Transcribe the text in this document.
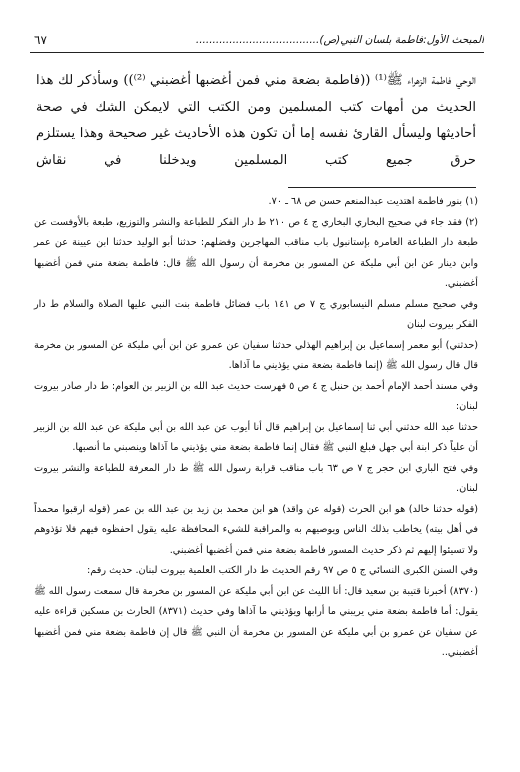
٦٧	المبحث الأول:فاطمة بلسان النبي(ص).....................................

الوحي فاطمة الزهراء ﷺ⁽¹⁾ ((فاطمة بضعة مني فمن أغضبها أغضبني ⁽²⁾)) وسأذكر لك هذا الحديث من أمهات كتب المسلمين ومن الكتب التي لايمكن الشك في صحة أحاديثها وليسأل القارئ نفسه إما أن تكون هذه الأحاديث غير صحيحة وهذا يستلزم حرق جميع كتب المسلمين ويدخلنا في نقاش

(١) بنور فاطمة اهتديت عبدالمنعم حسن ص ٦٨ ـ ٧٠.

(٢) فقد جاء في صحيح البخاري البخاري ج ٤ ص ٢١٠ ط دار الفكر للطباعة والنشر والتوزيع، طبعة بالأوفست عن طبعة دار الطباعة العامرة بإستانبول باب مناقب المهاجرين وفضلهم: حدثنا أبو الوليد حدثنا ابن عيينة عن عمر وابن دينار عن ابن أبي مليكة عن المسور بن مخرمة أن رسول الله ﷺ قال: فاطمة بضعة مني فمن أغضبها أغضبني.

وفي صحيح مسلم مسلم النيسابوري ج ٧ ص ١٤١ باب فضائل فاطمة بنت النبي عليها الصلاة والسلام ط دار الفكر بيروت لبنان

(حدثني) أبو معمر إسماعيل بن إبراهيم الهذلي حدثنا سفيان عن عمرو عن ابن أبي مليكة عن المسور بن مخرمة قال قال رسول الله ﷺ (إنما فاطمة بضعة مني يؤذيني ما آذاها.

وفي مسند أحمد الإمام أحمد بن حنبل ج ٤ ص ٥ فهرست حديث عبد الله بن الزبير بن العوام: ط دار صادر بيروت لبنان:

حدثنا عبد الله حدثني أبي ثنا إسماعيل بن إبراهيم قال أنا أيوب عن عبد الله بن أبي مليكة عن عبد الله بن الزبير أن علياً ذكر ابنة أبي جهل فبلغ النبي ﷺ فقال إنما فاطمة بضعة مني يؤذيني ما آذاها وينصبني ما أنصبها.

وفي فتح الباري ابن حجر ج ٧ ص ٦٣ باب مناقب قرابة رسول الله ﷺ ط دار المعرفة للطباعة والنشر بيروت لبنان.

(قوله حدثنا خالد) هو ابن الحرث (قوله عن واقد) هو ابن محمد بن زيد بن عبد الله بن عمر (قوله ارقبوا محمداً في أهل بيته) يخاطب بذلك الناس ويوصيهم به والمراقبة للشيء المحافظة عليه يقول احفظوه فيهم فلا تؤذوهم ولا تسيئوا إليهم ثم ذكر حديث المسور فاطمة بضعة مني فمن أغضبها أغضبني.

وفي السنن الكبرى النسائي ج ٥ ص ٩٧ رقم الحديث ط دار الكتب العلمية بيروت لبنان. حديث رقم:

(٨٣٧٠) أخبرنا قتيبة بن سعيد قال: أنا الليث عن ابن أبي مليكة عن المسور بن مخرمة قال سمعت رسول الله ﷺ يقول: أما فاطمة بضعة مني يريبني ما أرابها ويؤذيني ما آذاها وفي حديث (٨٣٧١) الحارث بن مسكين قراءة عليه عن سفيان عن عمرو بن أبي مليكة عن المسور بن مخرمة أن النبي ﷺ قال إن فاطمة بضعة مني فمن أغضبها أغضبني..
